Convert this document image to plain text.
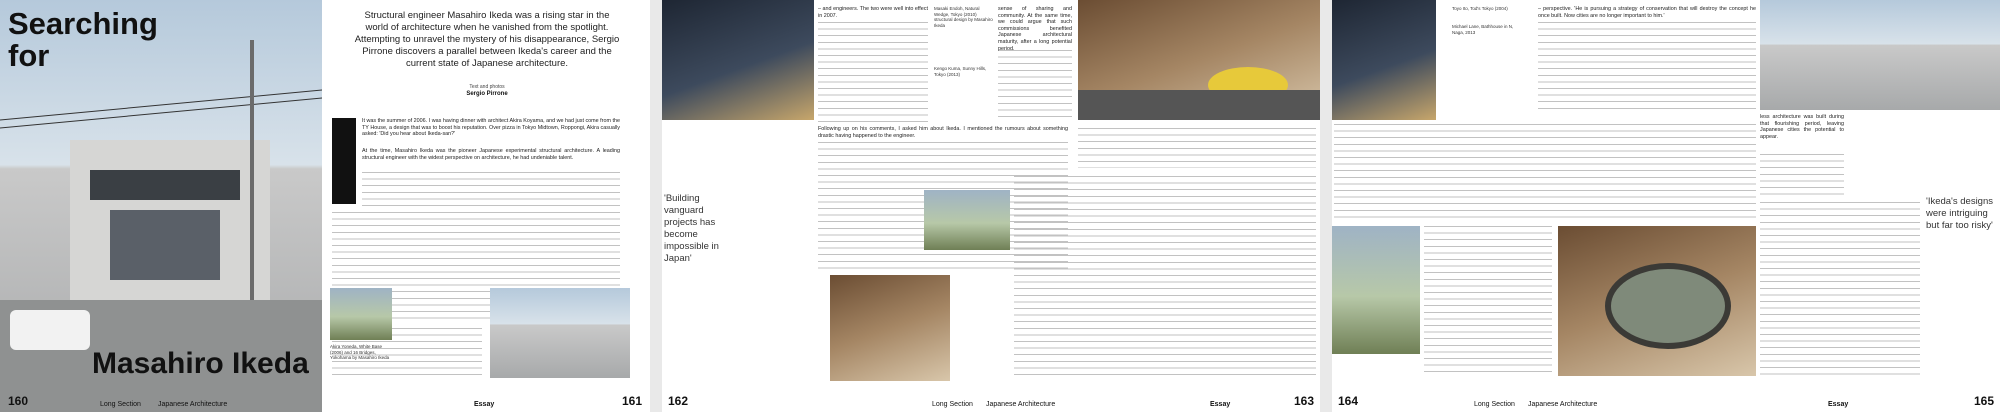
Searching
for
Masahiro Ikeda
160	Long Section Japanese Architecture
Structural engineer Masahiro Ikeda was a rising star in the world of architecture when he vanished from the spotlight. Attempting to unravel the mystery of his disappearance, Sergio Pirrone discovers a parallel between Ikeda's career and the current state of Japanese architecture.
Text and photos
Sergio Pirrone
It was the summer of 2006. I was having dinner with architect Akira Koyama, and we had just come from the TY House, a design that was to boost his reputation. Over pizza in Tokyo Midtown, Roppongi, Akira casually asked: 'Did you hear about Ikeda-san?'
At the time, Masahiro Ikeda was the pioneer Japanese experimental structural architecture. A leading structural engineer with the widest perspective on architecture, he had undeniable talent.
Akira Yoneda, White Base (2006) and 16 Bridges, Yokohama by Masahiro Ikeda
Essay	161
'Building vanguard projects has become impossible in Japan'
– and engineers. The two were well into effect in 2007.
Following up on his comments, I asked him about Ikeda. I mentioned the rumours about something drastic having happened to the engineer.
Masaki Endoh, Natural Wedge, Tokyo (2010) structural design by Masahiro Ikeda
Kengo Kuma, Sunny Hills, Tokyo (2013)
sense of sharing and community. At the same time, we could argue that such commissions benefited Japanese architectural maturity, after a long potential period.
162	Long Section Japanese Architecture	Essay	163
Toyo Ito, Tod's Tokyo (2004)
Michael Lane, Bathhouse in N, Naga, 2013
– perspective. 'He is pursuing a strategy of conservation that will destroy the concept he once built. Now cities are no longer important to him.'
less architecture was built during that flourishing period, leaving Japanese cities the potential to appear.
'Ikeda's designs were intriguing but far too risky'
164	Long Section Japanese Architecture	Essay	165
